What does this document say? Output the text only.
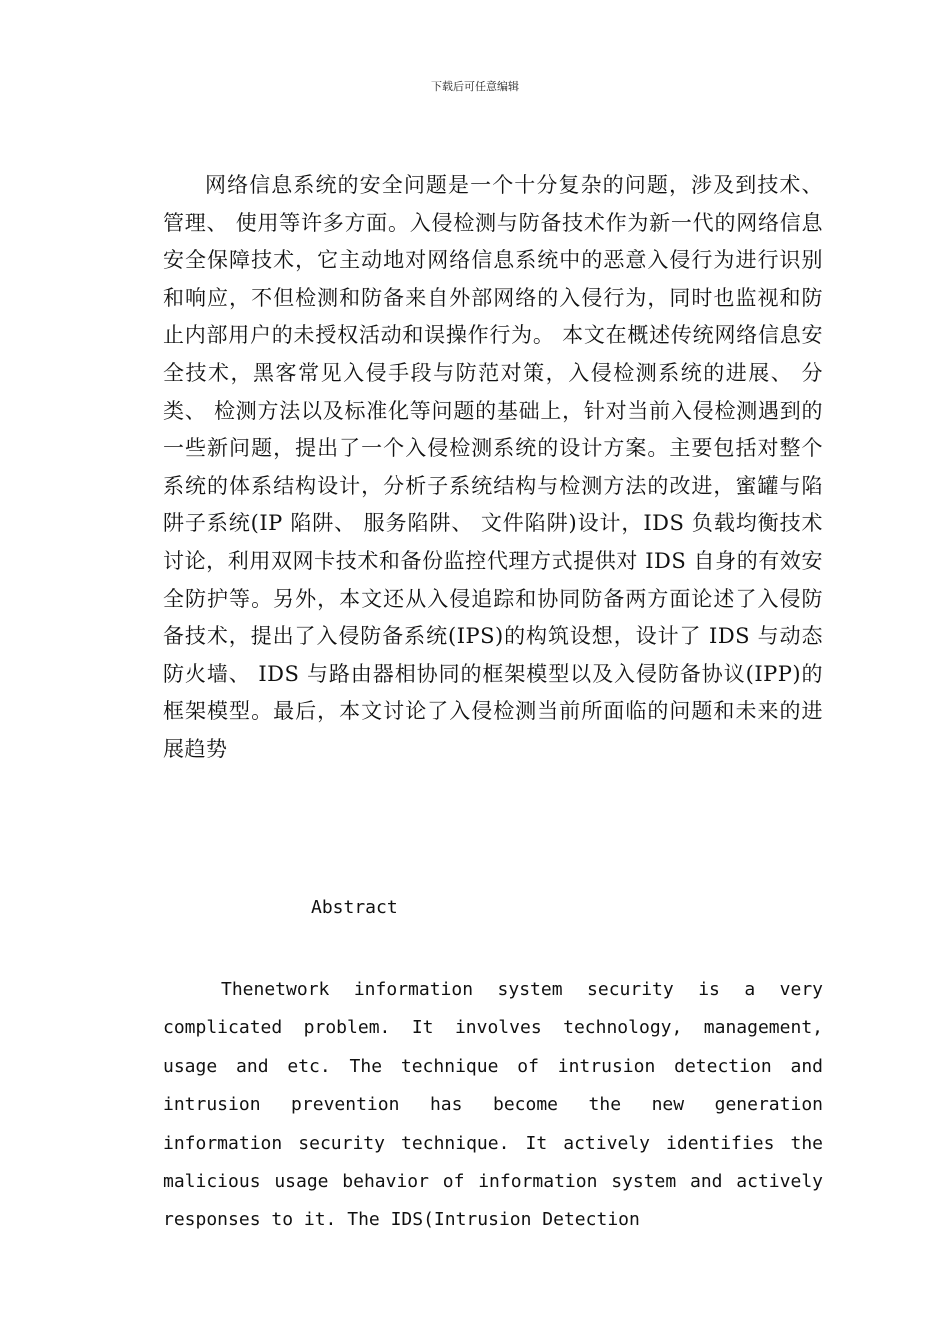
下载后可任意编辑

网络信息系统的安全问题是一个十分复杂的问题，涉及到技术、 管理、 使用等许多方面。入侵检测与防备技术作为新一代的网络信息安全保障技术，它主动地对网络信息系统中的恶意入侵行为进行识别和响应，不但检测和防备来自外部网络的入侵行为，同时也监视和防止内部用户的未授权活动和误操作行为。 本文在概述传统网络信息安全技术，黑客常见入侵手段与防范对策，入侵检测系统的进展、 分类、 检测方法以及标准化等问题的基础上，针对当前入侵检测遇到的一些新问题，提出了一个入侵检测系统的设计方案。主要包括对整个系统的体系结构设计，分析子系统结构与检测方法的改进，蜜罐与陷阱子系统(IP 陷阱、 服务陷阱、 文件陷阱)设计，IDS 负载均衡技术讨论，利用双网卡技术和备份监控代理方式提供对 IDS 自身的有效安全防护等。另外，本文还从入侵追踪和协同防备两方面论述了入侵防备技术，提出了入侵防备系统(IPS)的构筑设想，设计了 IDS 与动态防火墙、 IDS 与路由器相协同的框架模型以及入侵防备协议(IPP)的框架模型。最后，本文讨论了入侵检测当前所面临的问题和未来的进展趋势

Abstract

Thenetwork information system security is a very complicated problem. It involves technology, management, usage and etc. The technique of intrusion detection and intrusion prevention has become the new generation information security technique. It actively identifies the malicious usage behavior of information system and actively responses to it. The IDS(Intrusion Detection
